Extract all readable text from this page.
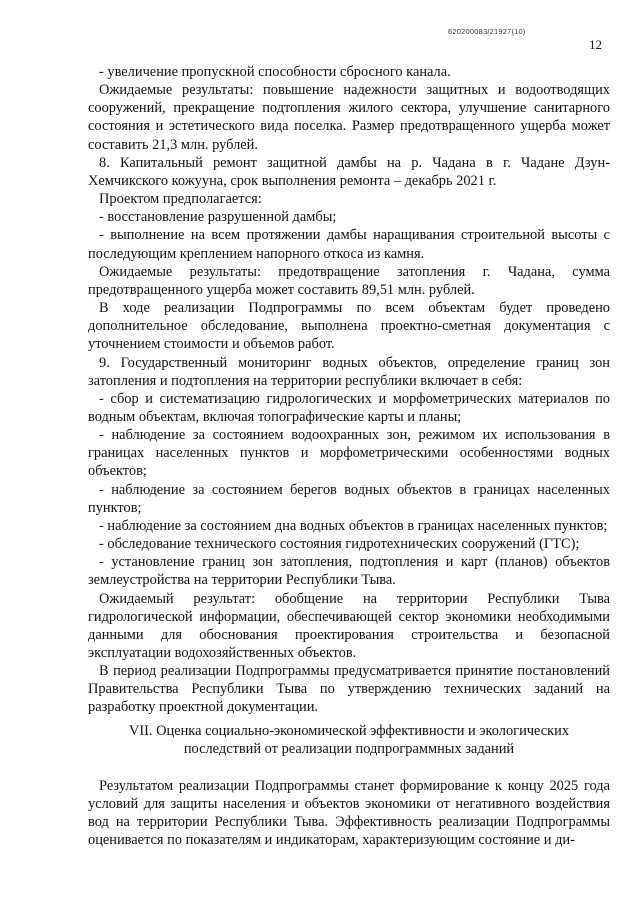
620200083/21927(10)
12

- увеличение пропускной способности сбросного канала.

Ожидаемые результаты: повышение надежности защитных и водоотводящих сооружений, прекращение подтопления жилого сектора, улучшение санитарного состояния и эстетического вида поселка. Размер предотвращенного ущерба может составить 21,3 млн. рублей.

8. Капитальный ремонт защитной дамбы на р. Чадана в г. Чадане Дзун-Хемчикского кожууна, срок выполнения ремонта – декабрь 2021 г.

Проектом предполагается:

- восстановление разрушенной дамбы;

- выполнение на всем протяжении дамбы наращивания строительной высоты с последующим креплением напорного откоса из камня.

Ожидаемые результаты: предотвращение затопления г. Чадана, сумма предотвращенного ущерба может составить 89,51 млн. рублей.

В ходе реализации Подпрограммы по всем объектам будет проведено дополнительное обследование, выполнена проектно-сметная документация с уточнением стоимости и объемов работ.

9. Государственный мониторинг водных объектов, определение границ зон затопления и подтопления на территории республики включает в себя:

- сбор и систематизацию гидрологических и морфометрических материалов по водным объектам, включая топографические карты и планы;

- наблюдение за состоянием водоохранных зон, режимом их использования в границах населенных пунктов и морфометрическими особенностями водных объектов;

- наблюдение за состоянием берегов водных объектов в границах населенных пунктов;

- наблюдение за состоянием дна водных объектов в границах населенных пунктов;

- обследование технического состояния гидротехнических сооружений (ГТС);

- установление границ зон затопления, подтопления и карт (планов) объектов землеустройства на территории Республики Тыва.

Ожидаемый результат: обобщение на территории Республики Тыва гидрологической информации, обеспечивающей сектор экономики необходимыми данными для обоснования проектирования строительства и безопасной эксплуатации водохозяйственных объектов.

В период реализации Подпрограммы предусматривается принятие постановлений Правительства Республики Тыва по утверждению технических заданий на разработку проектной документации.

VII. Оценка социально-экономической эффективности и экологических
последствий от реализации подпрограммных заданий

Результатом реализации Подпрограммы станет формирование к концу 2025 года условий для защиты населения и объектов экономики от негативного воздействия вод на территории Республики Тыва. Эффективность реализации Подпрограммы оценивается по показателям и индикаторам, характеризующим состояние и ди-
